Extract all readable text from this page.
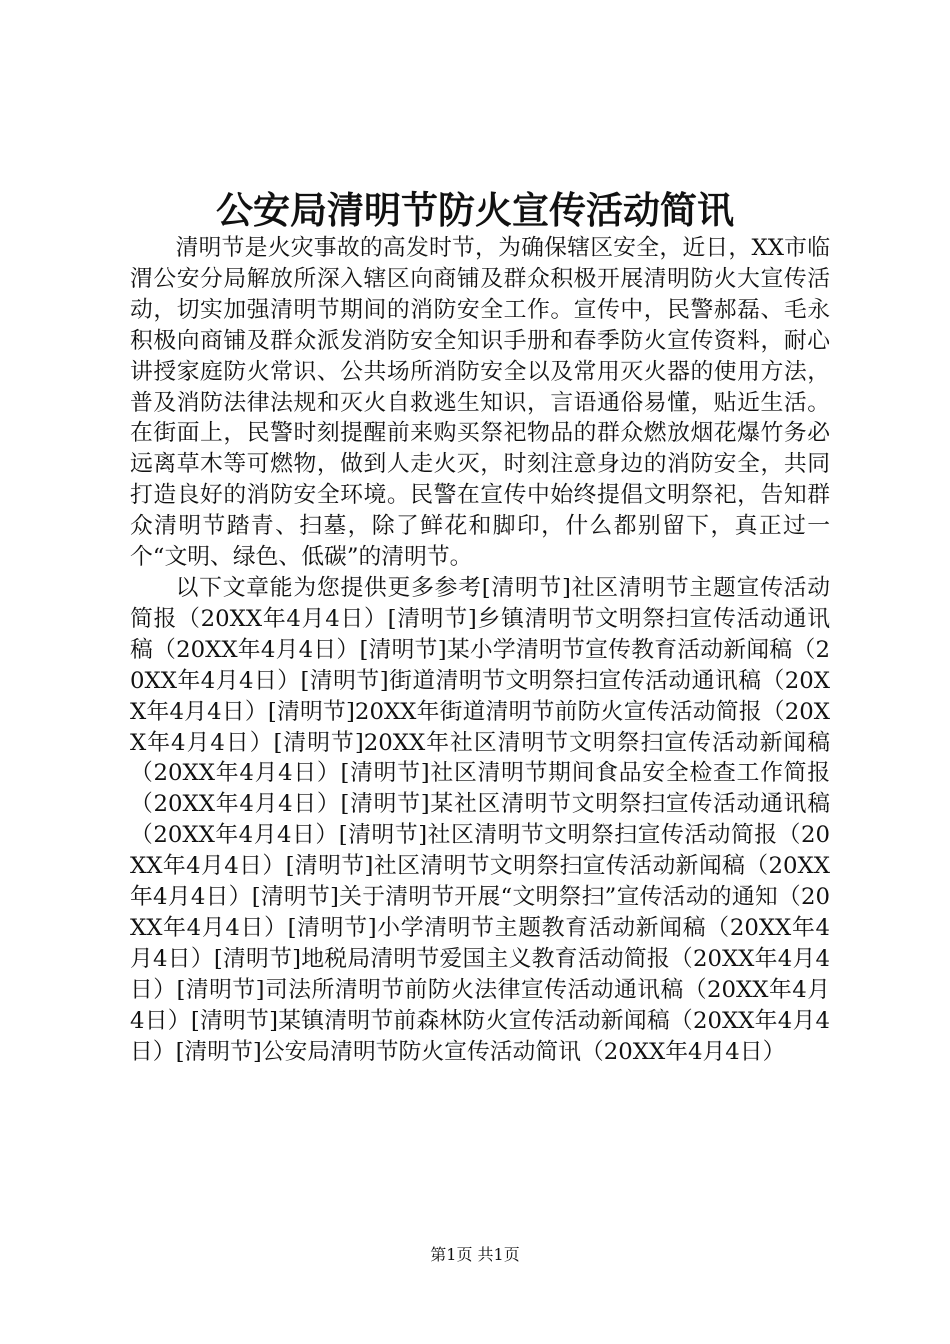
公安局清明节防火宣传活动简讯

清明节是火灾事故的高发时节，为确保辖区安全，近日，XX市临渭公安分局解放所深入辖区向商铺及群众积极开展清明防火大宣传活动，切实加强清明节期间的消防安全工作。宣传中，民警郝磊、毛永积极向商铺及群众派发消防安全知识手册和春季防火宣传资料，耐心讲授家庭防火常识、公共场所消防安全以及常用灭火器的使用方法，普及消防法律法规和灭火自救逃生知识，言语通俗易懂，贴近生活。在街面上，民警时刻提醒前来购买祭祀物品的群众燃放烟花爆竹务必远离草木等可燃物，做到人走火灭，时刻注意身边的消防安全，共同打造良好的消防安全环境。民警在宣传中始终提倡文明祭祀，告知群众清明节踏青、扫墓，除了鲜花和脚印，什么都别留下，真正过一个“文明、绿色、低碳”的清明节。

以下文章能为您提供更多参考[清明节]社区清明节主题宣传活动简报（20XX年4月4日）[清明节]乡镇清明节文明祭扫宣传活动通讯稿（20XX年4月4日）[清明节]某小学清明节宣传教育活动新闻稿（20XX年4月4日）[清明节]街道清明节文明祭扫宣传活动通讯稿（20XX年4月4日）[清明节]20XX年街道清明节前防火宣传活动简报（20XX年4月4日）[清明节]20XX年社区清明节文明祭扫宣传活动新闻稿（20XX年4月4日）[清明节]社区清明节期间食品安全检查工作简报（20XX年4月4日）[清明节]某社区清明节文明祭扫宣传活动通讯稿（20XX年4月4日）[清明节]社区清明节文明祭扫宣传活动简报（20XX年4月4日）[清明节]社区清明节文明祭扫宣传活动新闻稿（20XX年4月4日）[清明节]关于清明节开展“文明祭扫”宣传活动的通知（20XX年4月4日）[清明节]小学清明节主题教育活动新闻稿（20XX年4月4日）[清明节]地税局清明节爱国主义教育活动简报（20XX年4月4日）[清明节]司法所清明节前防火法律宣传活动通讯稿（20XX年4月4日）[清明节]某镇清明节前森林防火宣传活动新闻稿（20XX年4月4日）[清明节]公安局清明节防火宣传活动简讯（20XX年4月4日）

第1页 共1页
